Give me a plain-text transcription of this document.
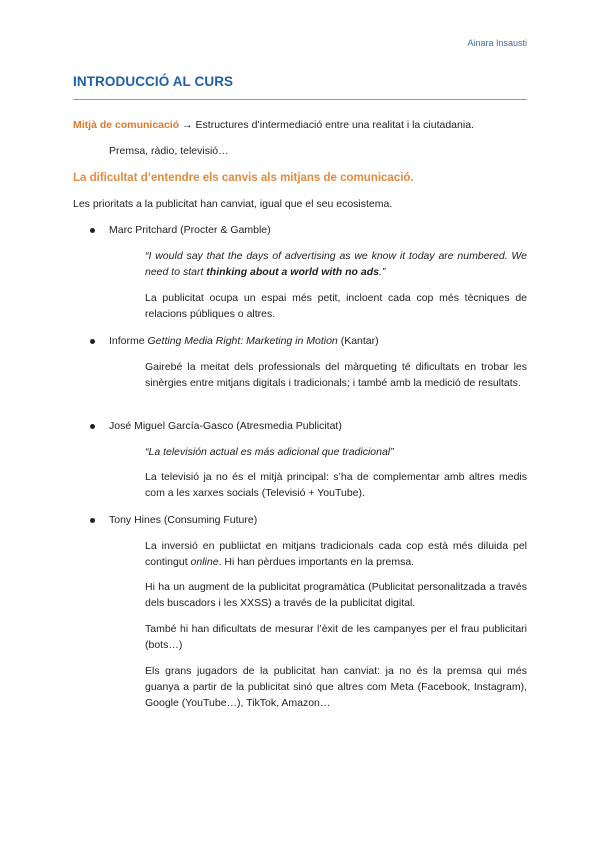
Ainara Insausti
INTRODUCCIÓ AL CURS
Mitjà de comunicació → Estructures d’intermediació entre una realitat i la ciutadania.
Premsa, ràdio, televisió…
La dificultat d’entendre els canvis als mitjans de comunicació.
Les prioritats a la publicitat han canviat, igual que el seu ecosistema.
Marc Pritchard (Procter & Gamble)
“I would say that the days of advertising as we know it today are numbered. We need to start thinking about a world with no ads.”
La publicitat ocupa un espai més petit, incloent cada cop més tècniques de relacions públiques o altres.
Informe Getting Media Right: Marketing in Motion (Kantar)
Gairebé la meitat dels professionals del màrqueting té dificultats en trobar les sinèrgies entre mitjans digitals i tradicionals; i també amb la medició de resultats.
José Miguel García-Gasco (Atresmedia Publicitat)
“La televisión actual es más adicional que tradicional”
La televisió ja no és el mitjà principal: s’ha de complementar amb altres medis com a les xarxes socials (Televisió + YouTube).
Tony Hines (Consuming Future)
La inversió en publiictat en mitjans tradicionals cada cop està més diluida pel contingut online. Hi han pèrdues importants en la premsa.
Hi ha un augment de la publicitat programàtica (Publicitat personalitzada a través dels buscadors i les XXSS) a través de la publicitat digital.
També hi han dificultats de mesurar l’èxit de les campanyes per el frau publicitari (bots…)
Els grans jugadors de la publicitat han canviat: ja no és la premsa qui més guanya a partir de la publicitat sinó que altres com Meta (Facebook, Instagram), Google (YouTube…), TikTok, Amazon…
